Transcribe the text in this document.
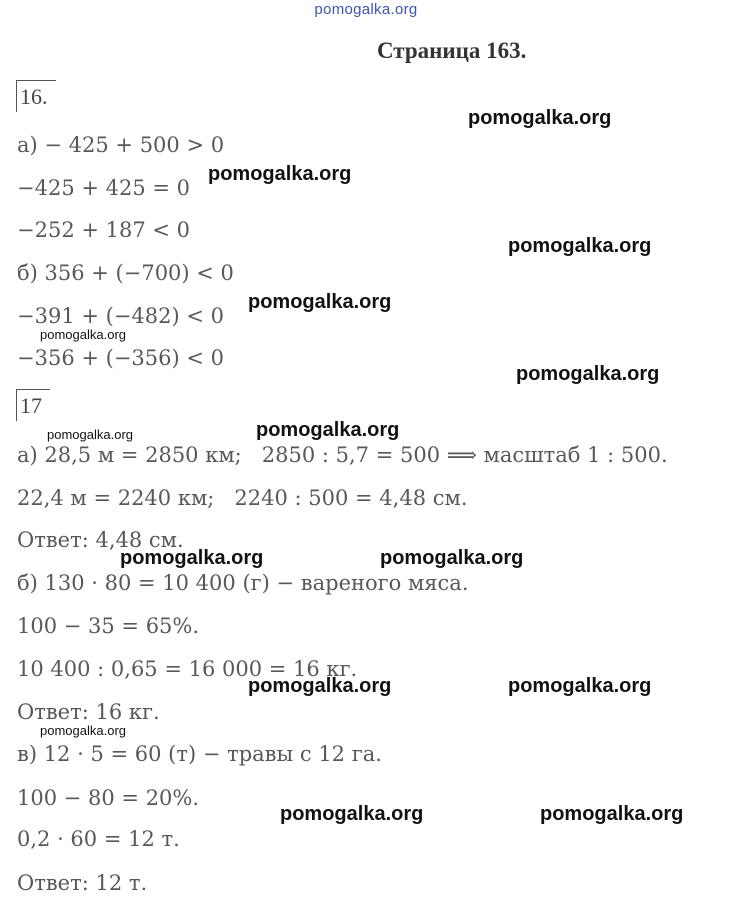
pomogalka.org
Страница 163.
16.
а) − 425 + 500 > 0
−425 + 425 = 0
−252 + 187 < 0
б) 356 + (−700) < 0
−391 + (−482) < 0
−356 + (−356) < 0
17
а) 28,5 м = 2850 км;   2850 : 5,7 = 500 ⟹ масштаб 1 : 500.
22,4 м = 2240 км;   2240 : 500 = 4,48 см.
Ответ: 4,48 см.
б) 130 · 80 = 10 400 (г) − вареного мяса.
100 − 35 = 65%.
10 400 : 0,65 = 16 000 = 16 кг.
Ответ: 16 кг.
в) 12 · 5 = 60 (т) − травы с 12 га.
100 − 80 = 20%.
0,2 · 60 = 12 т.
Ответ: 12 т.
pomogalka.org
pomogalka.org
pomogalka.org
pomogalka.org
pomogalka.org
pomogalka.org
pomogalka.org	pomogalka.org
pomogalka.org	pomogalka.org
pomogalka.org	pomogalka.org
pomogalka.org
pomogalka.org	pomogalka.org
